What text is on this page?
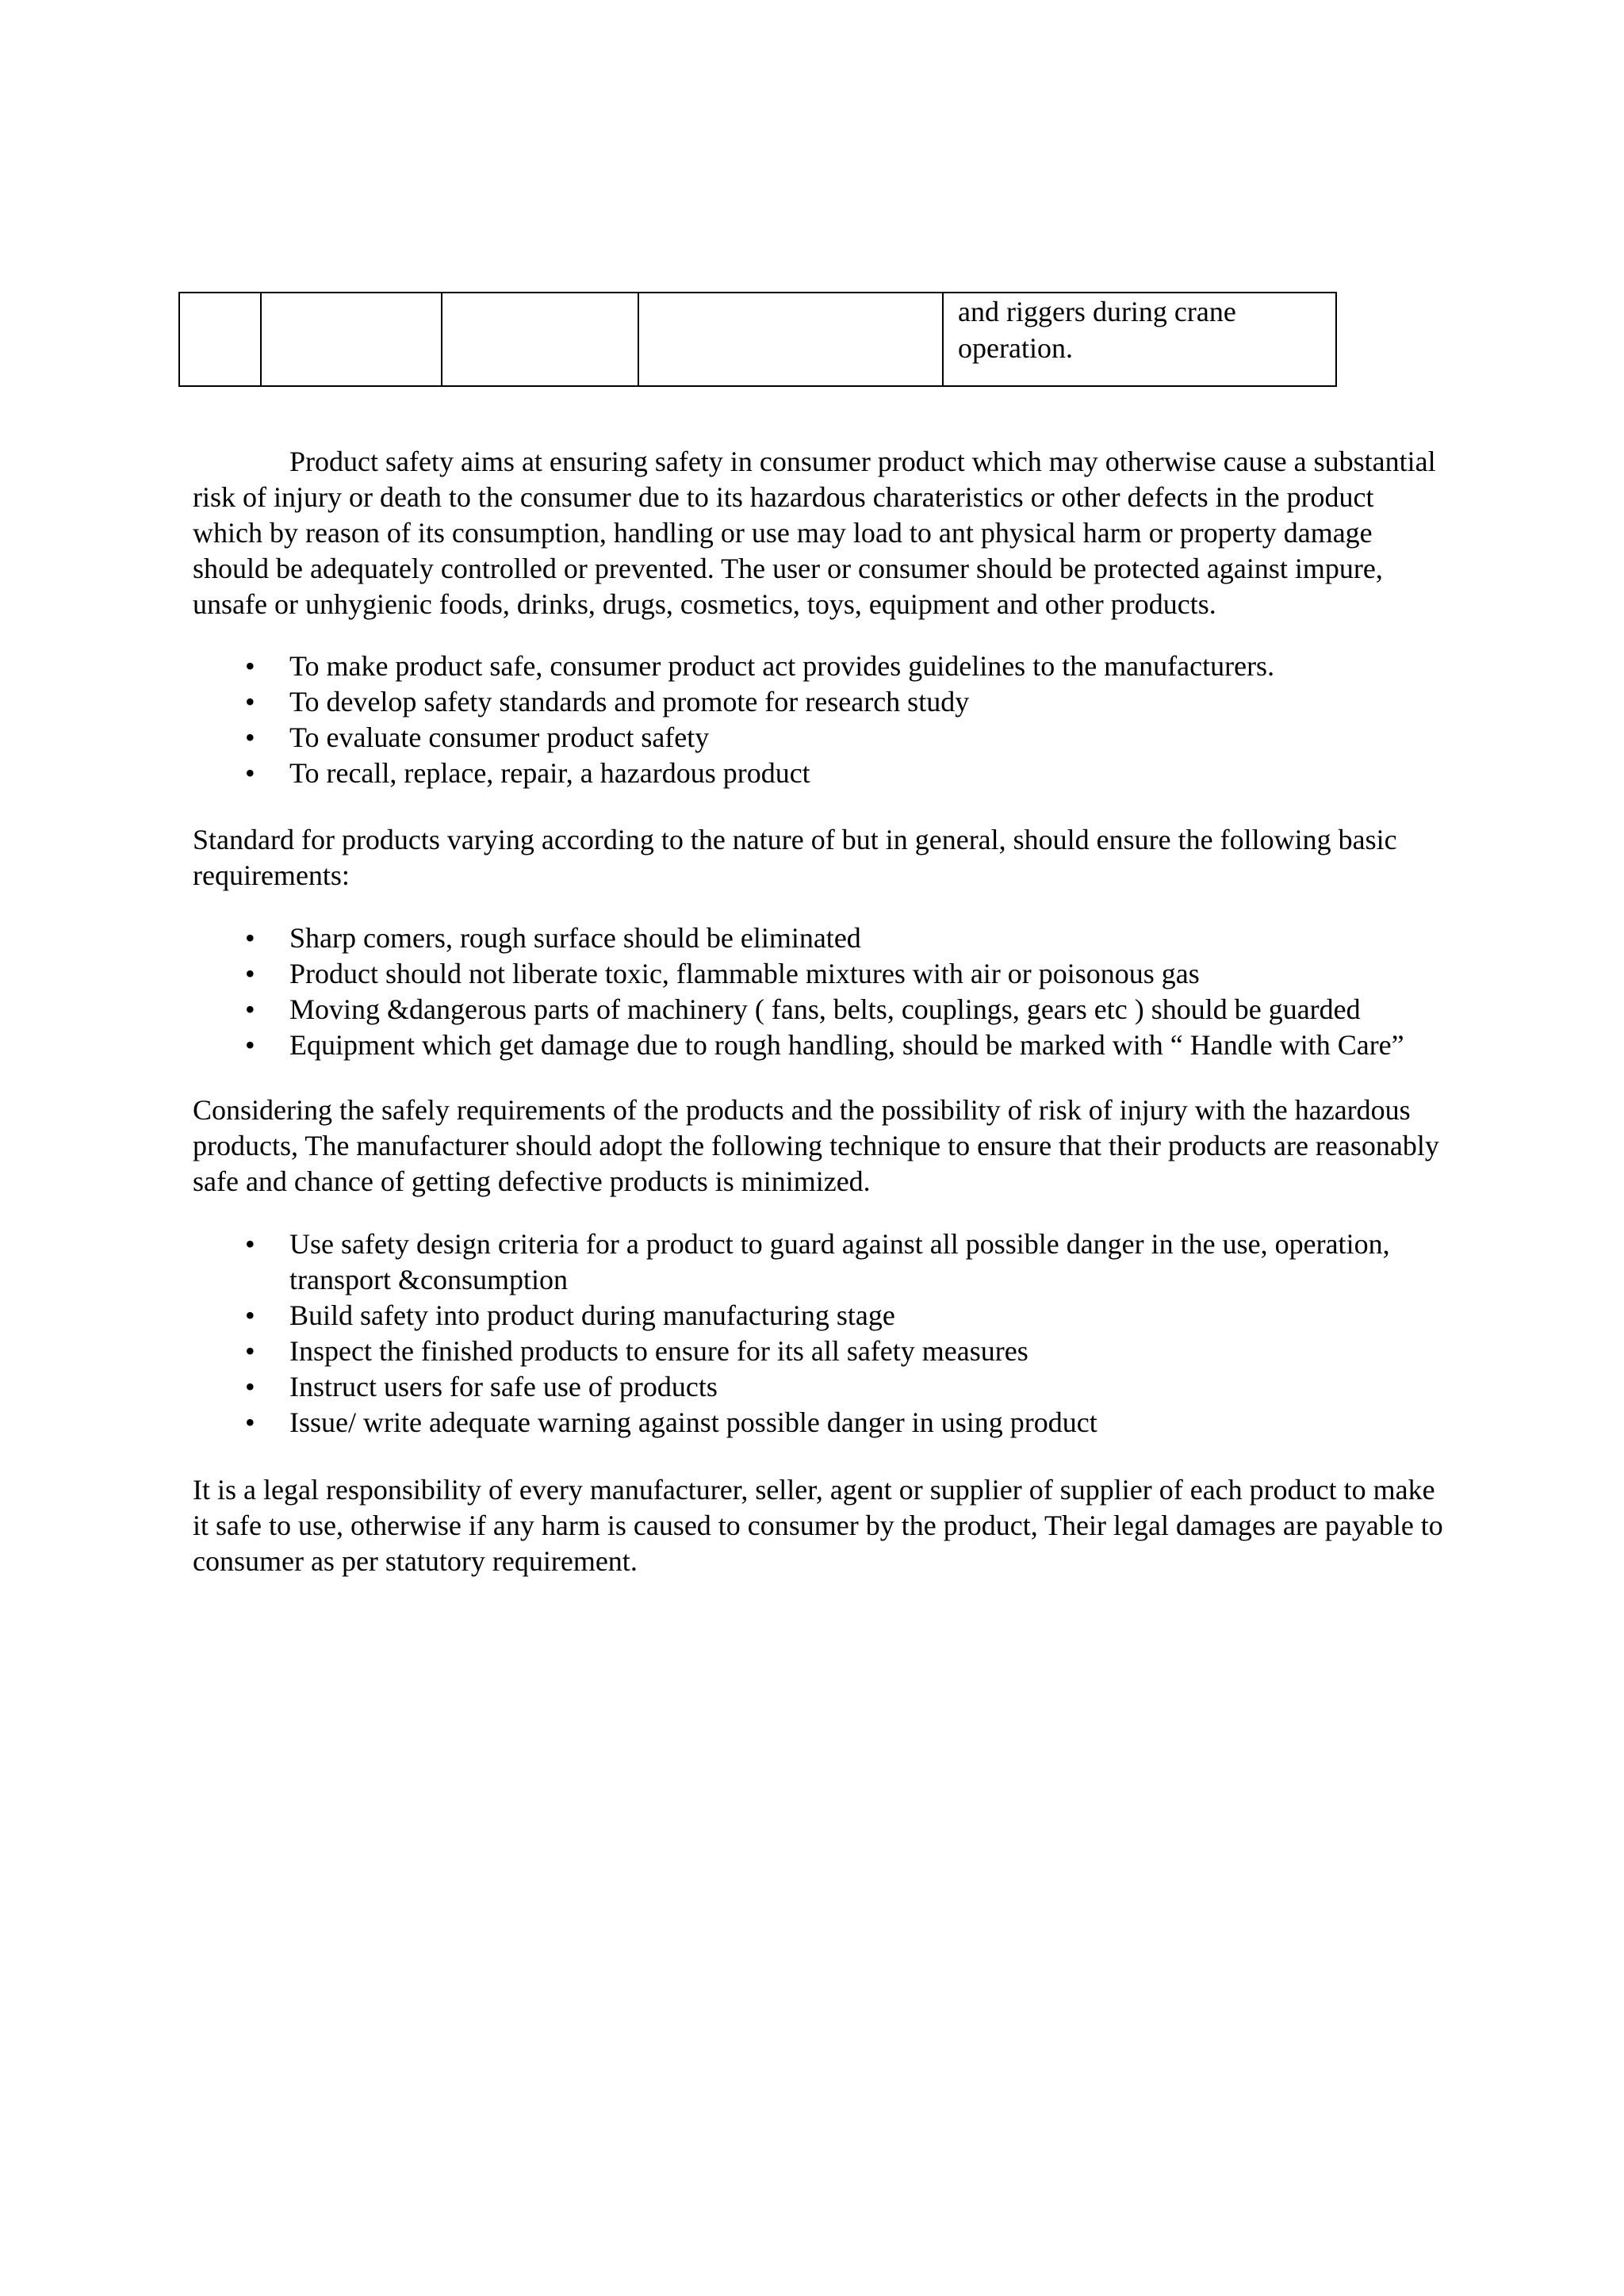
and riggers during crane
operation.

Product safety aims at ensuring safety in consumer product which may otherwise cause a substantial risk of injury or death to the consumer due to its hazardous charateristics or other defects in the product which by reason of its consumption, handling or use may load to ant physical harm or property damage should be adequately controlled or prevented. The user or consumer should be protected against impure, unsafe or unhygienic foods, drinks, drugs, cosmetics, toys, equipment and other products.

• To make product safe, consumer product act provides guidelines to the manufacturers.
• To develop safety standards and promote for research study
• To evaluate consumer product safety
• To recall, replace, repair, a hazardous product

Standard for products varying according to the nature of but in general, should ensure the following basic requirements:

• Sharp comers, rough surface should be eliminated
• Product should not liberate toxic, flammable mixtures with air or poisonous gas
• Moving &dangerous parts of machinery ( fans, belts, couplings, gears etc ) should be guarded
• Equipment which get damage due to rough handling, should be marked with “ Handle with Care”

Considering the safely requirements of the products and the possibility of risk of injury with the hazardous products, The manufacturer should adopt the following technique to ensure that their products are reasonably safe and chance of getting defective products is minimized.

• Use safety design criteria for a product to guard against all possible danger in the use, operation, transport &consumption
• Build safety into product during manufacturing stage
• Inspect the finished products to ensure for its all safety measures
• Instruct users for safe use of products
• Issue/ write adequate warning against possible danger in using product

It is a legal responsibility of every manufacturer, seller, agent or supplier of supplier of each product to make it safe to use, otherwise if any harm is caused to consumer by the product, Their legal damages are payable to consumer as per statutory requirement.
